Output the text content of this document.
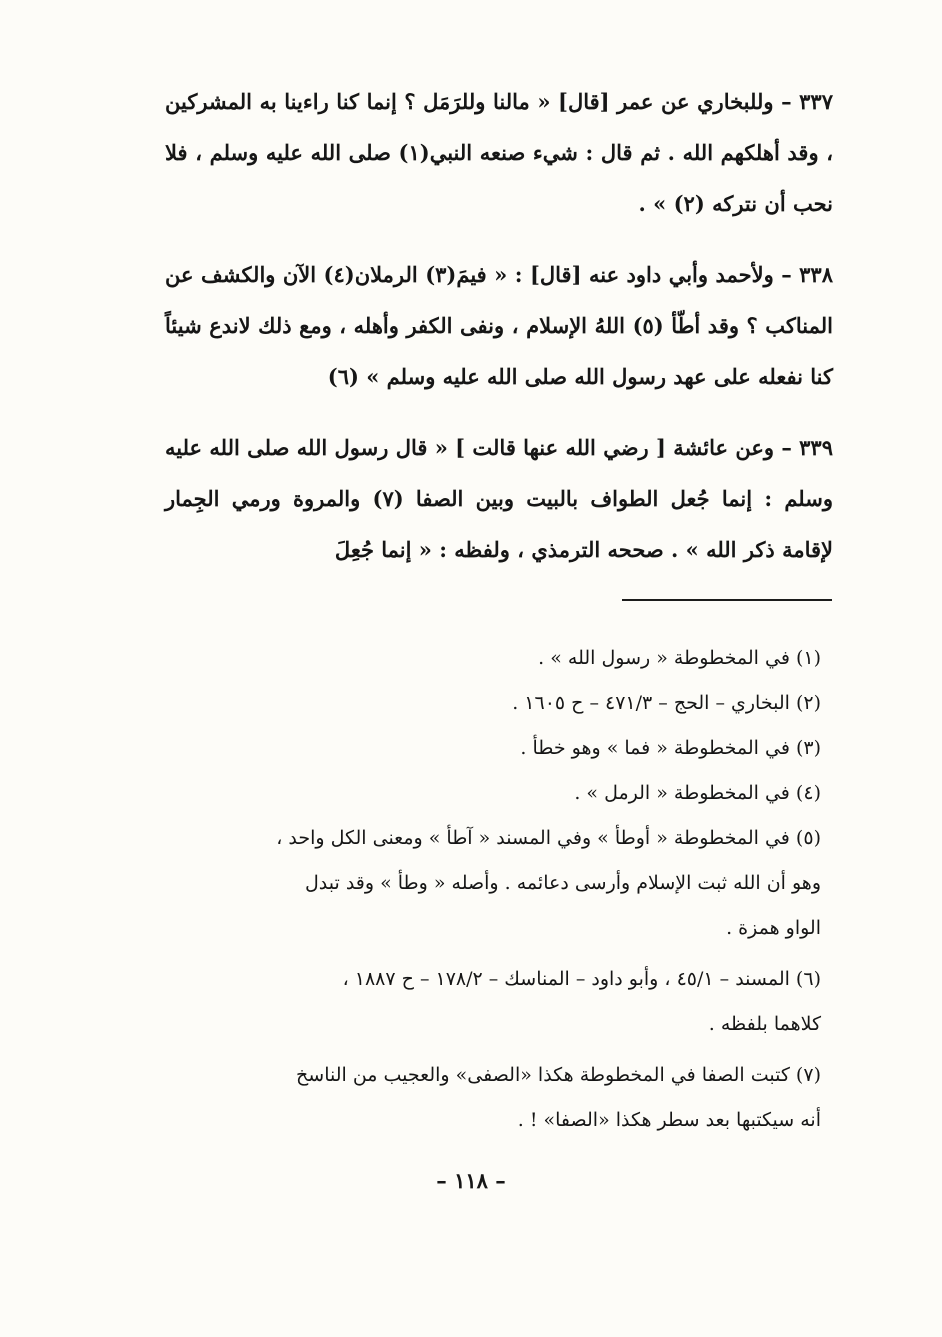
٣٣٧ – وللبخاري عن عمر [قال] « مالنا وللرَمَل ؟ إنما كنا راءينا به المشركين ، وقد أهلكهم الله . ثم قال : شيء صنعه النبي(١) صلى الله عليه وسلم ، فلا نحب أن نتركه (٢) » .

٣٣٨ – ولأحمد وأبي داود عنه [قال] : « فيمَ(٣) الرملان(٤) الآن والكشف عن المناكب ؟ وقد أطّأ (٥) اللهُ الإسلام ، ونفى الكفر وأهله ، ومع ذلك لاندع شيئاً كنا نفعله على عهد رسول الله صلى الله عليه وسلم » (٦)

٣٣٩ – وعن عائشة [ رضي الله عنها قالت ] « قال رسول الله صلى الله عليه وسلم : إنما جُعل الطواف بالبيت وبين الصفا (٧) والمروة ورمي الجِمار لإقامة ذكر الله » . صححه الترمذي ، ولفظه : « إنما جُعِلَ

(١) في المخطوطة « رسول الله » .
(٢) البخاري – الحج – ٤٧١/٣ – ح ١٦٠٥ .
(٣) في المخطوطة « فما » وهو خطأ .
(٤) في المخطوطة « الرمل » .
(٥) في المخطوطة « أوطأ » وفي المسند « آطأ » ومعنى الكل واحد ،
وهو أن الله ثبت الإسلام وأرسى دعائمه . وأصله « وطأ » وقد تبدل
الواو همزة .
(٦) المسند – ٤٥/١ ، وأبو داود – المناسك – ١٧٨/٢ – ح ١٨٨٧ ،
كلاهما بلفظه .
(٧) كتبت الصفا في المخطوطة هكذا «الصفى» والعجيب من الناسخ
أنه سيكتبها بعد سطر هكذا «الصفا» ! .
– ١١٨ –
